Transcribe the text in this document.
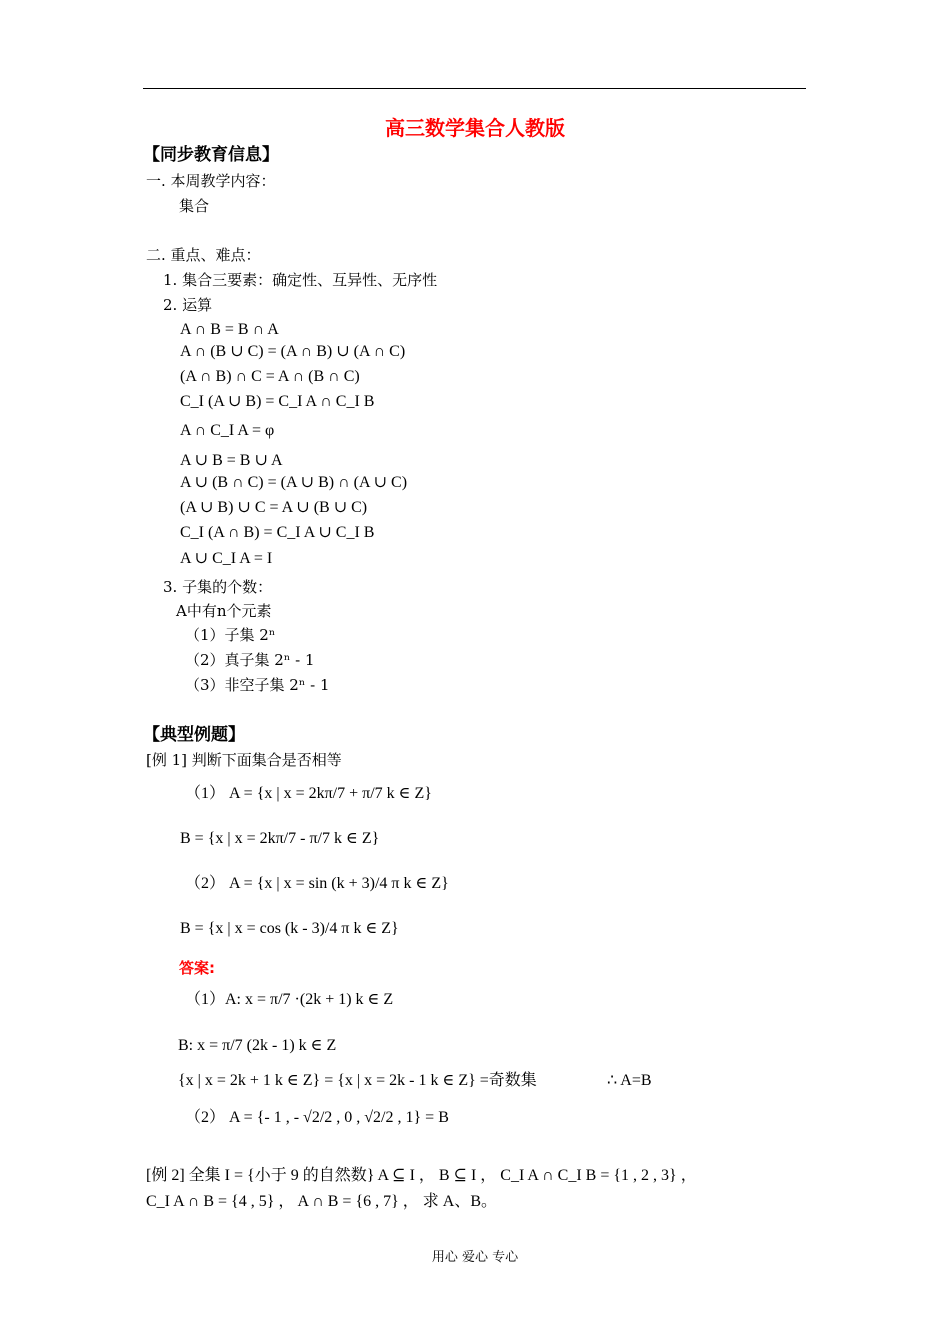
高三数学集合人教版
【同步教育信息】
一. 本周教学内容：
集合
二. 重点、难点：
1. 集合三要素：确定性、互异性、无序性
2. 运算
A ∩ B = B ∩ A
A ∩ (B ∪ C) = (A ∩ B) ∪ (A ∩ C)
(A ∩ B) ∩ C = A ∩ (B ∩ C)
C_I (A ∪ B) = C_I A ∩ C_I B
A ∩ C_I A = φ
A ∪ B = B ∪ A
A ∪ (B ∩ C) = (A ∪ B) ∩ (A ∪ C)
(A ∪ B) ∪ C = A ∪ (B ∪ C)
C_I (A ∩ B) = C_I A ∪ C_I B
A ∪ C_I A = I
3. 子集的个数：
A中有n个元素
（1）子集 2ⁿ
（2）真子集 2ⁿ - 1
（3）非空子集 2ⁿ - 1
【典型例题】
[例 1] 判断下面集合是否相等
（1） A = {x | x = 2kπ/7 + π/7 k ∈ Z}
B = {x | x = 2kπ/7 - π/7 k ∈ Z}
（2） A = {x | x = sin (k + 3)/4 π k ∈ Z}
B = {x | x = cos (k - 3)/4 π k ∈ Z}
答案:
（1）A: x = π/7 ·(2k + 1) k ∈ Z
B: x = π/7 (2k - 1) k ∈ Z
{x | x = 2k + 1 k ∈ Z} = {x | x = 2k - 1 k ∈ Z} =奇数集	∴ A=B
（2） A = {- 1 , - √2/2 , 0 , √2/2 , 1} = B
[例 2] 全集 I = {小于 9 的自然数} A ⊆ I ， B ⊆ I ， C_I A ∩ C_I B = {1 , 2 , 3} ，
C_I A ∩ B = {4 , 5} ， A ∩ B = {6 , 7} ， 求 A、B。
用心 爱心 专心
